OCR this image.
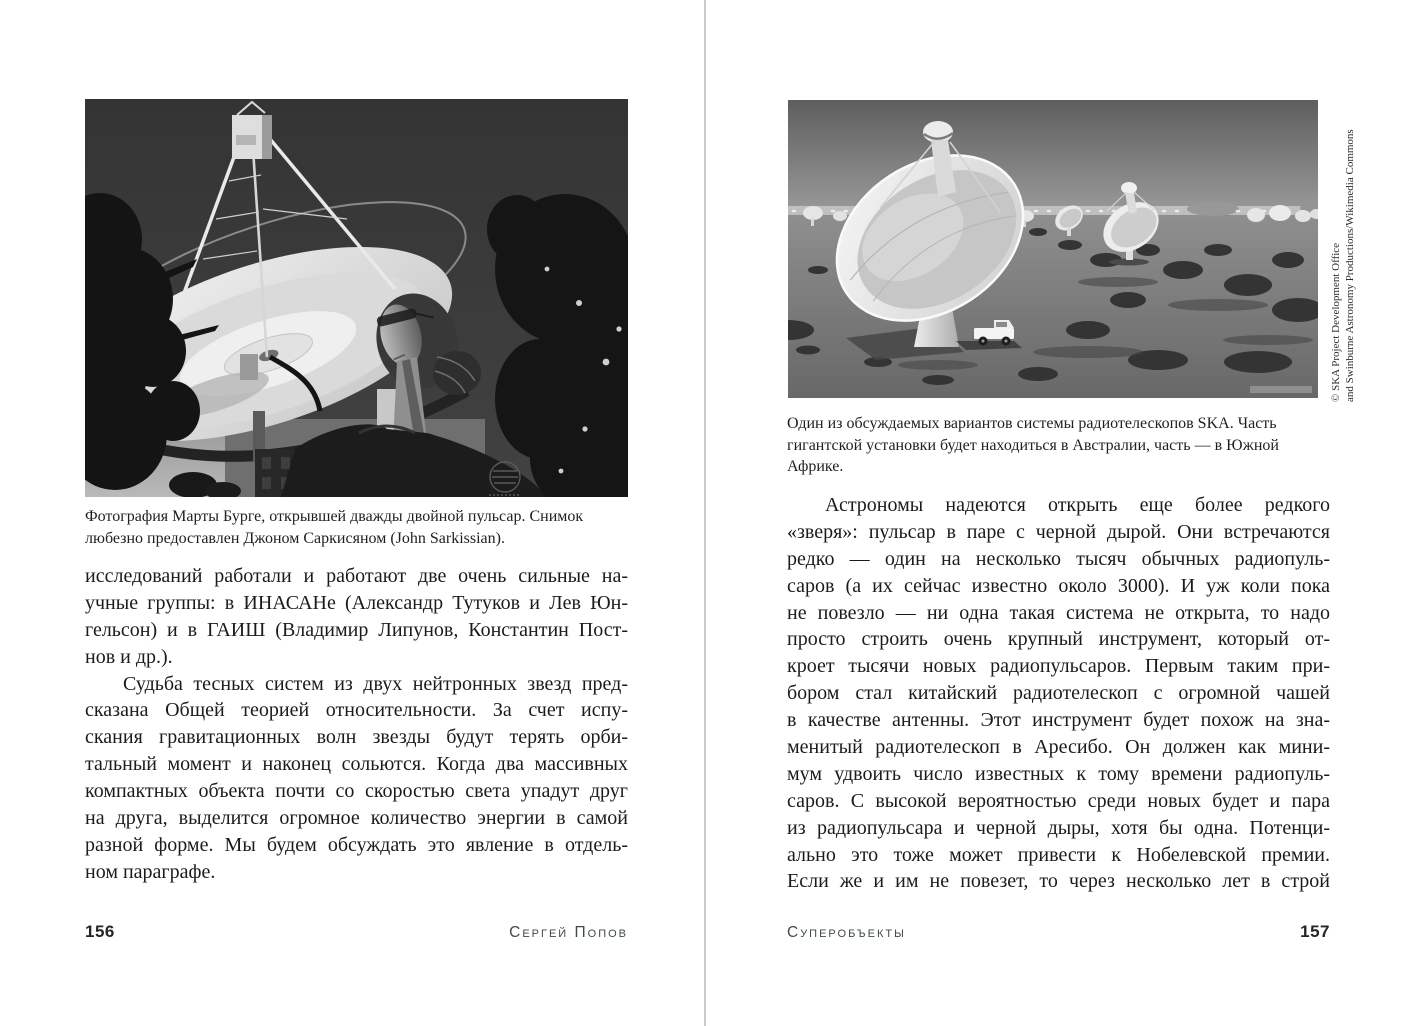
Фотография Марты Бурге, открывшей дважды двойной пульсар. Снимок
любезно предоставлен Джоном Саркисяном (John Sarkissian).
исследований работали и работают две очень сильные на-
учные группы: в ИНАСАНе (Александр Тутуков и Лев Юн-
гельсон) и в ГАИШ (Владимир Липунов, Константин Пост-
нов и др.).
Судьба тесных систем из двух нейтронных звезд пред-
сказана Общей теорией относительности. За счет испу-
скания гравитационных волн звезды будут терять орби-
тальный момент и наконец сольются. Когда два массивных
компактных объекта почти со скоростью света упадут друг
на друга, выделится огромное количество энергии в самой
разной форме. Мы будем обсуждать это явление в отдель-
ном параграфе.
156	Сергей Попов
© SKA Project Development Office and Swinburne Astronomy Productions/Wikimedia Commons
Один из обсуждаемых вариантов системы радиотелескопов SKA. Часть
гигантской установки будет находиться в Австралии, часть — в Южной
Африке.
Астрономы надеются открыть еще более редкого
«зверя»: пульсар в паре с черной дырой. Они встречаются
редко — один на несколько тысяч обычных радиопуль-
саров (а их сейчас известно около 3000). И уж коли пока
не повезло — ни одна такая система не открыта, то надо
просто строить очень крупный инструмент, который от-
кроет тысячи новых радиопульсаров. Первым таким при-
бором стал китайский радиотелескоп с огромной чашей
в качестве антенны. Этот инструмент будет похож на зна-
менитый радиотелескоп в Аресибо. Он должен как мини-
мум удвоить число известных к тому времени радиопуль-
саров. С высокой вероятностью среди новых будет и пара
из радиопульсара и черной дыры, хотя бы одна. Потенци-
ально это тоже может привести к Нобелевской премии.
Если же и им не повезет, то через несколько лет в строй
Суперобъекты	157
